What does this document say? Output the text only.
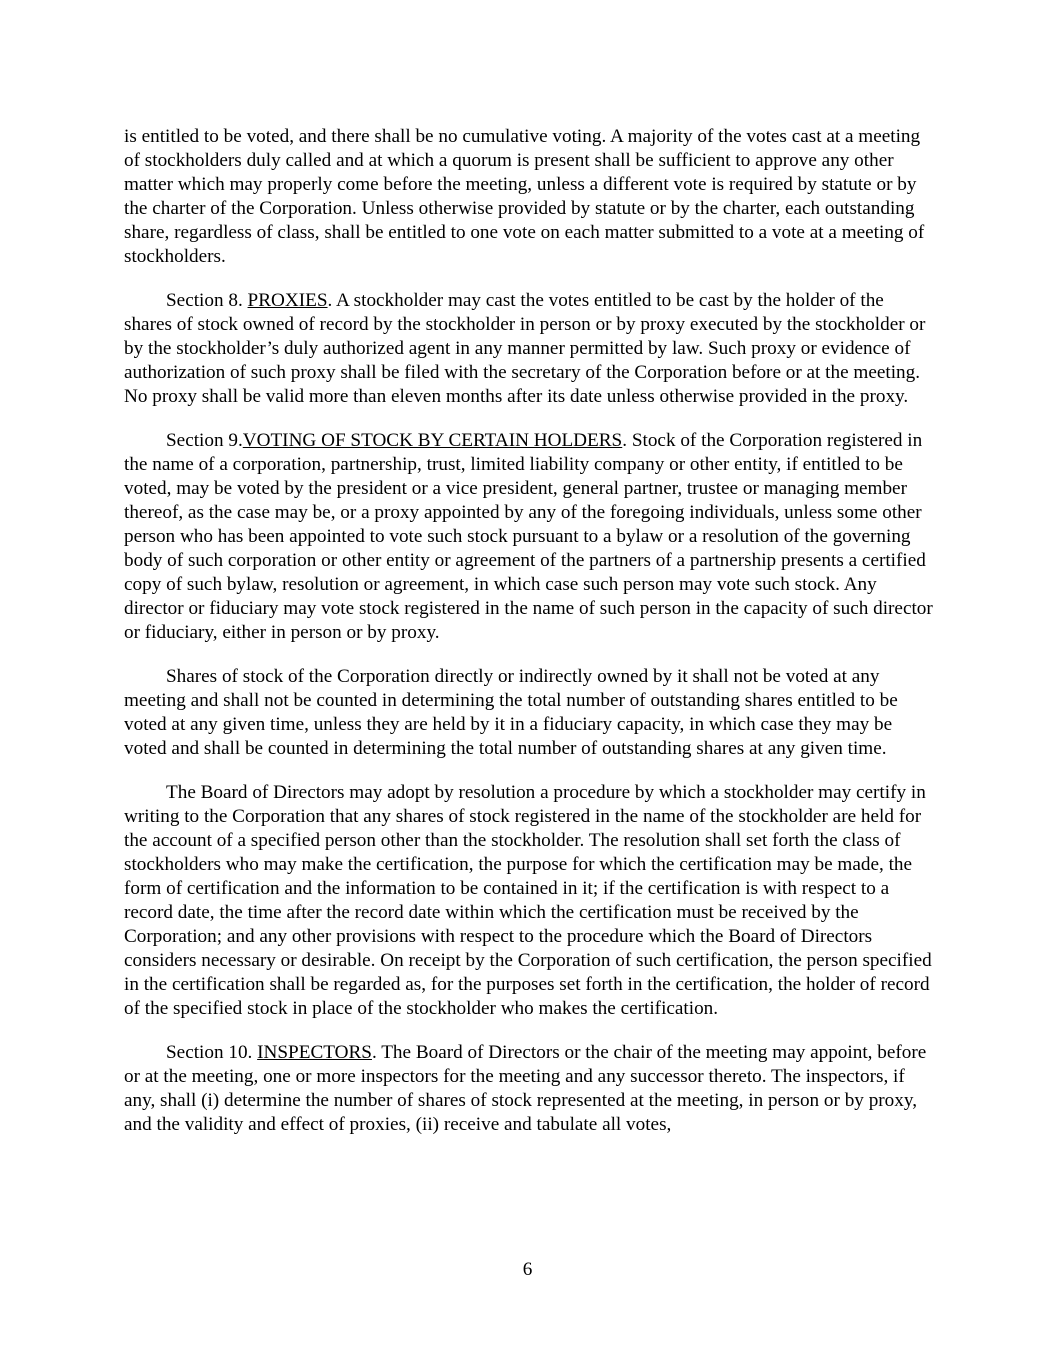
is entitled to be voted, and there shall be no cumulative voting. A majority of the votes cast at a meeting of stockholders duly called and at which a quorum is present shall be sufficient to approve any other matter which may properly come before the meeting, unless a different vote is required by statute or by the charter of the Corporation. Unless otherwise provided by statute or by the charter, each outstanding share, regardless of class, shall be entitled to one vote on each matter submitted to a vote at a meeting of stockholders.

Section 8. PROXIES. A stockholder may cast the votes entitled to be cast by the holder of the shares of stock owned of record by the stockholder in person or by proxy executed by the stockholder or by the stockholder’s duly authorized agent in any manner permitted by law. Such proxy or evidence of authorization of such proxy shall be filed with the secretary of the Corporation before or at the meeting. No proxy shall be valid more than eleven months after its date unless otherwise provided in the proxy.

Section 9.VOTING OF STOCK BY CERTAIN HOLDERS. Stock of the Corporation registered in the name of a corporation, partnership, trust, limited liability company or other entity, if entitled to be voted, may be voted by the president or a vice president, general partner, trustee or managing member thereof, as the case may be, or a proxy appointed by any of the foregoing individuals, unless some other person who has been appointed to vote such stock pursuant to a bylaw or a resolution of the governing body of such corporation or other entity or agreement of the partners of a partnership presents a certified copy of such bylaw, resolution or agreement, in which case such person may vote such stock. Any director or fiduciary may vote stock registered in the name of such person in the capacity of such director or fiduciary, either in person or by proxy.

Shares of stock of the Corporation directly or indirectly owned by it shall not be voted at any meeting and shall not be counted in determining the total number of outstanding shares entitled to be voted at any given time, unless they are held by it in a fiduciary capacity, in which case they may be voted and shall be counted in determining the total number of outstanding shares at any given time.

The Board of Directors may adopt by resolution a procedure by which a stockholder may certify in writing to the Corporation that any shares of stock registered in the name of the stockholder are held for the account of a specified person other than the stockholder. The resolution shall set forth the class of stockholders who may make the certification, the purpose for which the certification may be made, the form of certification and the information to be contained in it; if the certification is with respect to a record date, the time after the record date within which the certification must be received by the Corporation; and any other provisions with respect to the procedure which the Board of Directors considers necessary or desirable. On receipt by the Corporation of such certification, the person specified in the certification shall be regarded as, for the purposes set forth in the certification, the holder of record of the specified stock in place of the stockholder who makes the certification.

Section 10. INSPECTORS. The Board of Directors or the chair of the meeting may appoint, before or at the meeting, one or more inspectors for the meeting and any successor thereto. The inspectors, if any, shall (i) determine the number of shares of stock represented at the meeting, in person or by proxy, and the validity and effect of proxies, (ii) receive and tabulate all votes,

6
